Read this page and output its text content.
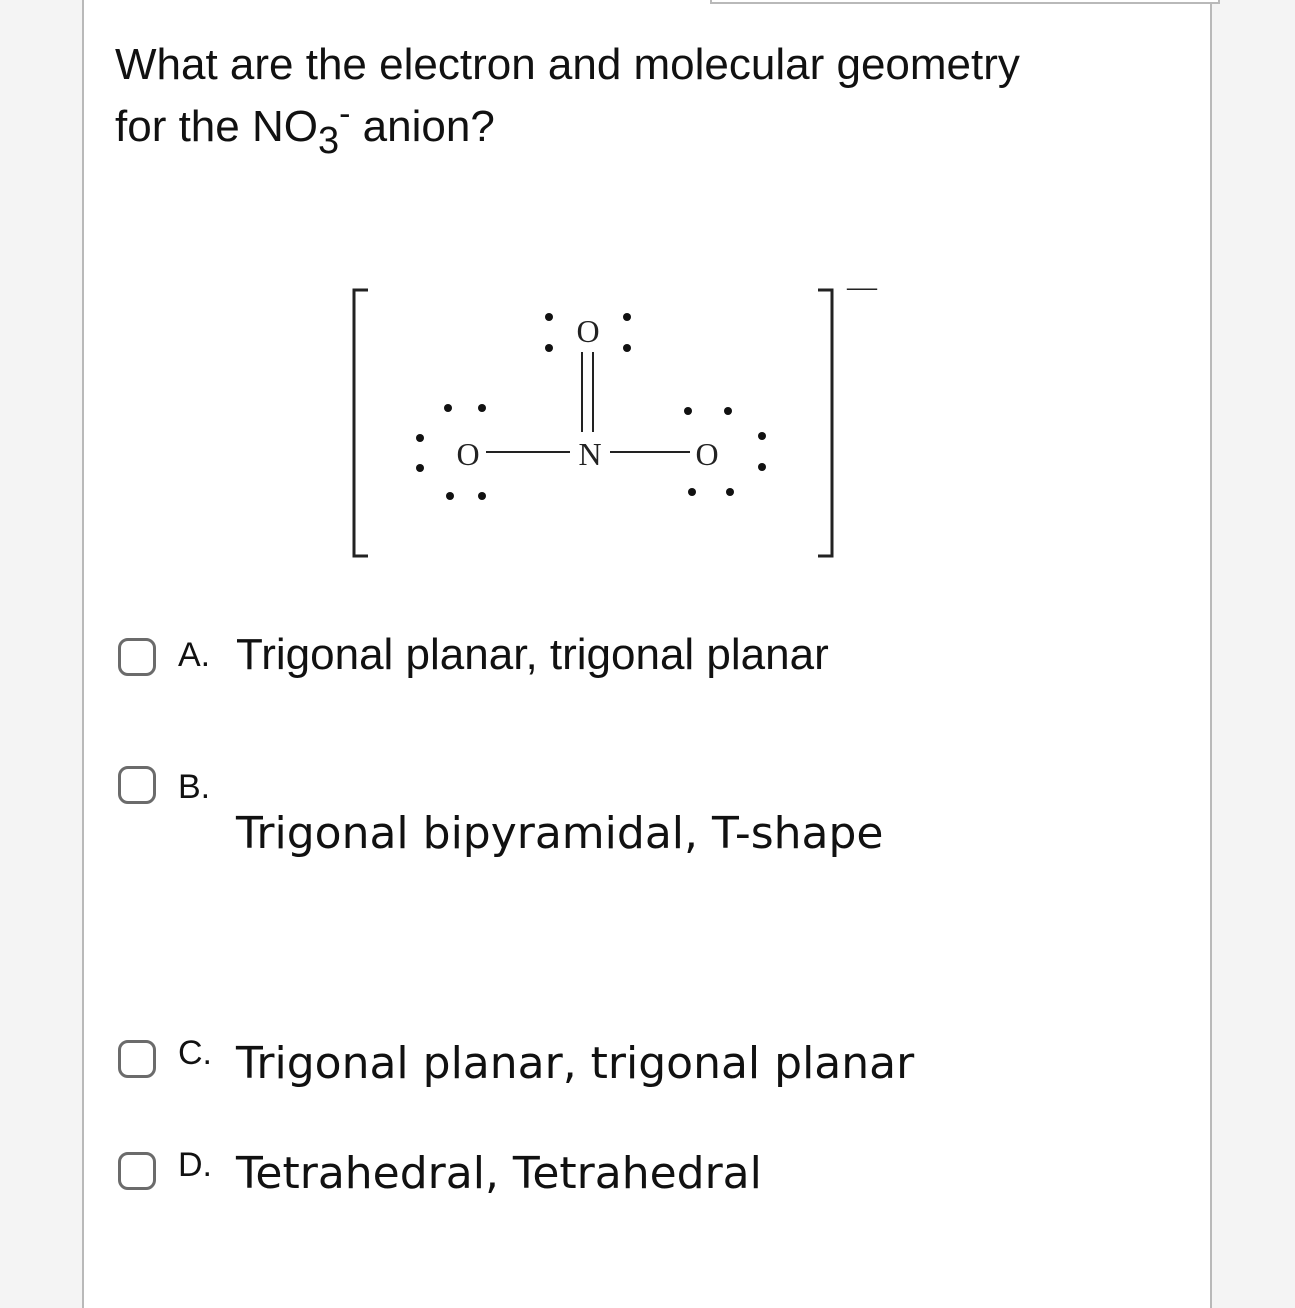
What are the electron and molecular geometry
for the NO3- anion?
—
O
N
O	O
A. Trigonal planar, trigonal planar
B.
Trigonal bipyramidal, T-shape
C. Trigonal planar, trigonal planar
D. Tetrahedral, Tetrahedral
